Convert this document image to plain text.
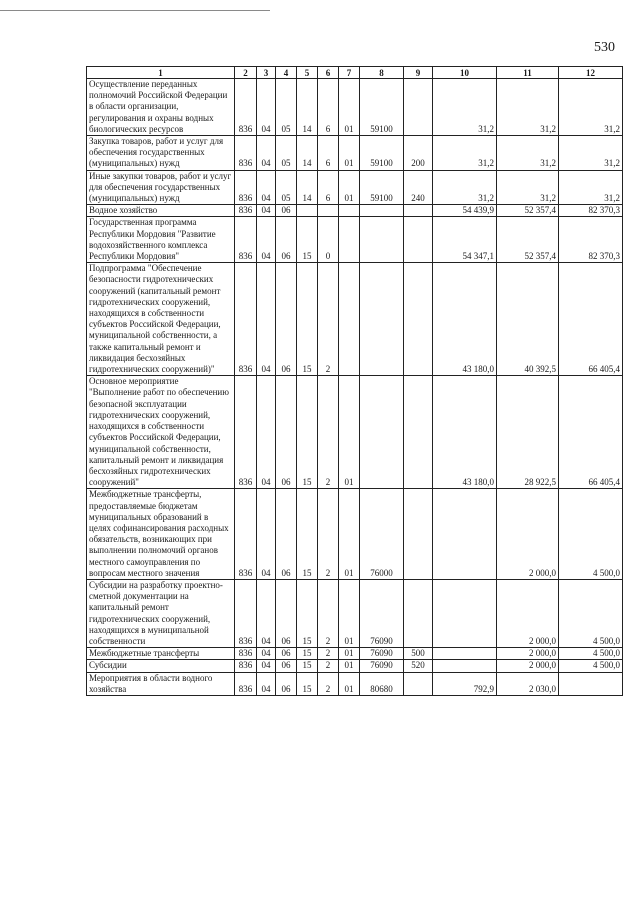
530
1	2	3	4	5	6	7	8	9	10	11	12
Осуществление переданных полномочий Российской Федерации в области организации, регулирования и охраны водных биологических ресурсов	836	04	05	14	6	01	59100		31,2	31,2	31,2
Закупка товаров, работ и услуг для обеспечения государственных (муниципальных) нужд	836	04	05	14	6	01	59100	200	31,2	31,2	31,2
Иные закупки товаров, работ и услуг для обеспечения государственных (муниципальных) нужд	836	04	05	14	6	01	59100	240	31,2	31,2	31,2
Водное хозяйство	836	04	06						54 439,9	52 357,4	82 370,3
Государственная программа Республики Мордовия "Развитие водохозяйственного комплекса Республики Мордовия"	836	04	06	15	0				54 347,1	52 357,4	82 370,3
Подпрограмма "Обеспечение безопасности гидротехнических сооружений (капитальный ремонт гидротехнических сооружений, находящихся в собственности субъектов Российской Федерации, муниципальной собственности, а также капитальный ремонт и ликвидация бесхозяйных гидротехнических сооружений)"	836	04	06	15	2				43 180,0	40 392,5	66 405,4
Основное мероприятие "Выполнение работ по обеспечению безопасной эксплуатации гидротехнических сооружений, находящихся в собственности субъектов Российской Федерации, муниципальной собственности, капитальный ремонт и ликвидация бесхозяйных гидротехнических сооружений"	836	04	06	15	2	01			43 180,0	28 922,5	66 405,4
Межбюджетные трансферты, предоставляемые бюджетам муниципальных образований в целях софинансирования расходных обязательств, возникающих при выполнении полномочий органов местного самоуправления по вопросам местного значения	836	04	06	15	2	01	76000			2 000,0	4 500,0
Субсидии на разработку проектно-сметной документации на капитальный ремонт гидротехнических сооружений, находящихся в муниципальной собственности	836	04	06	15	2	01	76090			2 000,0	4 500,0
Межбюджетные трансферты	836	04	06	15	2	01	76090	500		2 000,0	4 500,0
Субсидии	836	04	06	15	2	01	76090	520		2 000,0	4 500,0
Мероприятия в области водного хозяйства	836	04	06	15	2	01	80680		792,9	2 030,0	
